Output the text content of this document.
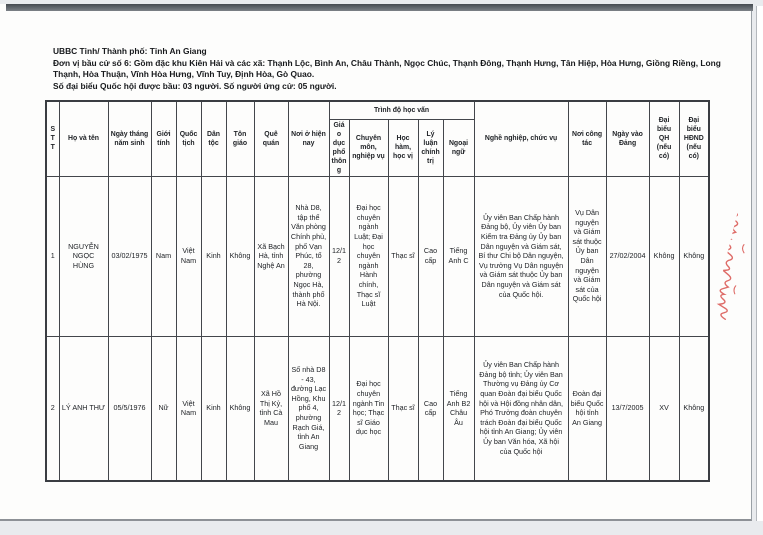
UBBC Tỉnh/ Thành phố: Tỉnh An Giang
Đơn vị bầu cử số 6: Gồm đặc khu Kiên Hải và các xã: Thạnh Lộc, Bình An, Châu Thành, Ngọc Chúc, Thạnh Đông, Thạnh Hưng, Tân Hiệp, Hòa Hưng, Giồng Riềng, Long Thạnh, Hòa Thuận, Vĩnh Hòa Hưng, Vĩnh Tuy, Định Hòa, Gò Quao.
Số đại biểu Quốc hội được bầu: 03 người. Số người ứng cử: 05 người.
STT	Họ và tên	Ngày tháng năm sinh	Giới tính	Quốc tịch	Dân tộc	Tôn giáo	Quê quán	Nơi ở hiện nay	Trình độ học vấn					Nghề nghiệp, chức vụ	Nơi công tác	Ngày vào Đảng	Đại biểu QH (nếu có)	Đại biểu HĐND (nếu có)
									Giáo dục phổ thông	Chuyên môn, nghiệp vụ	Học hàm, học vị	Lý luận chính trị	Ngoại ngữ					
1	NGUYỄN NGỌC HÙNG	03/02/1975	Nam	Việt Nam	Kinh	Không	Xã Bạch Hà, tỉnh Nghệ An	Nhà D8, tập thể Văn phòng Chính phủ, phố Vạn Phúc, tổ 28, phường Ngọc Hà, thành phố Hà Nội.	12/12	Đại học chuyên ngành Luật; Đại học chuyên ngành Hành chính, Thạc sĩ Luật	Thạc sĩ	Cao cấp	Tiếng Anh C	Ủy viên Ban Chấp hành Đảng bộ, Ủy viên Ủy ban Kiểm tra Đảng ủy Ủy ban Dân nguyện và Giám sát, Bí thư Chi bộ Dân nguyện, Vụ trưởng Vụ Dân nguyện và Giám sát thuộc Ủy ban Dân nguyện và Giám sát của Quốc hội.	Vụ Dân nguyện và Giám sát thuộc Ủy ban Dân nguyện và Giám sát của Quốc hội	27/02/2004	Không	Không
2	LÝ ANH THƯ	05/5/1976	Nữ	Việt Nam	Kinh	Không	Xã Hồ Thị Kỷ, tỉnh Cà Mau	Số nhà D8 - 43, đường Lạc Hồng, Khu phố 4, phường Rạch Giá, tỉnh An Giang	12/12	Đại học chuyên ngành Tin học; Thạc sĩ Giáo dục học	Thạc sĩ	Cao cấp	Tiếng Anh B2 Châu Âu	Ủy viên Ban Chấp hành Đảng bộ tỉnh; Ủy viên Ban Thường vụ Đảng ủy Cơ quan Đoàn đại biểu Quốc hội và Hội đồng nhân dân, Phó Trưởng đoàn chuyên trách Đoàn đại biểu Quốc hội tỉnh An Giang; Ủy viên Ủy ban Văn hóa, Xã hội của Quốc hội	Đoàn đại biểu Quốc hội tỉnh An Giang	13/7/2005	XV	Không
